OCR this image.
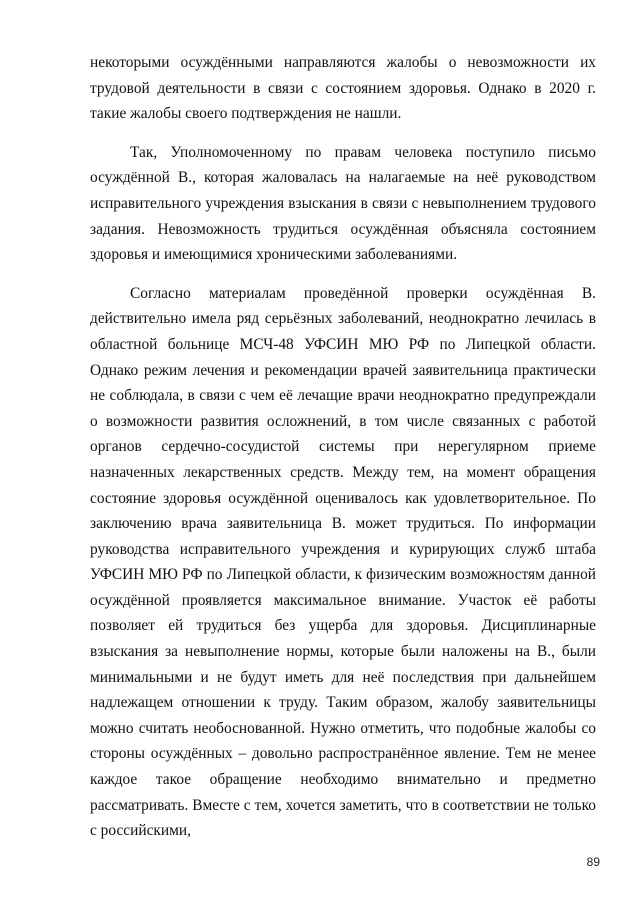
некоторыми осуждёнными направляются жалобы о невозможности их трудовой деятельности в связи с состоянием здоровья. Однако в 2020 г. такие жалобы своего подтверждения не нашли.

Так, Уполномоченному по правам человека поступило письмо осуждённой В., которая жаловалась на налагаемые на неё руководством исправительного учреждения взыскания в связи с невыполнением трудового задания. Невозможность трудиться осуждённая объясняла состоянием здоровья и имеющимися хроническими заболеваниями.

Согласно материалам проведённой проверки осуждённая В. действительно имела ряд серьёзных заболеваний, неоднократно лечилась в областной больнице МСЧ-48 УФСИН МЮ РФ по Липецкой области. Однако режим лечения и рекомендации врачей заявительница практически не соблюдала, в связи с чем её лечащие врачи неоднократно предупреждали о возможности развития осложнений, в том числе связанных с работой органов сердечно-сосудистой системы при нерегулярном приеме назначенных лекарственных средств. Между тем, на момент обращения состояние здоровья осуждённой оценивалось как удовлетворительное. По заключению врача заявительница В. может трудиться. По информации руководства исправительного учреждения и курирующих служб штаба УФСИН МЮ РФ по Липецкой области, к физическим возможностям данной осуждённой проявляется максимальное внимание. Участок её работы позволяет ей трудиться без ущерба для здоровья. Дисциплинарные взыскания за невыполнение нормы, которые были наложены на В., были минимальными и не будут иметь для неё последствия при дальнейшем надлежащем отношении к труду. Таким образом, жалобу заявительницы можно считать необоснованной. Нужно отметить, что подобные жалобы со стороны осуждённых – довольно распространённое явление. Тем не менее каждое такое обращение необходимо внимательно и предметно рассматривать. Вместе с тем, хочется заметить, что в соответствии не только с российскими,

89
